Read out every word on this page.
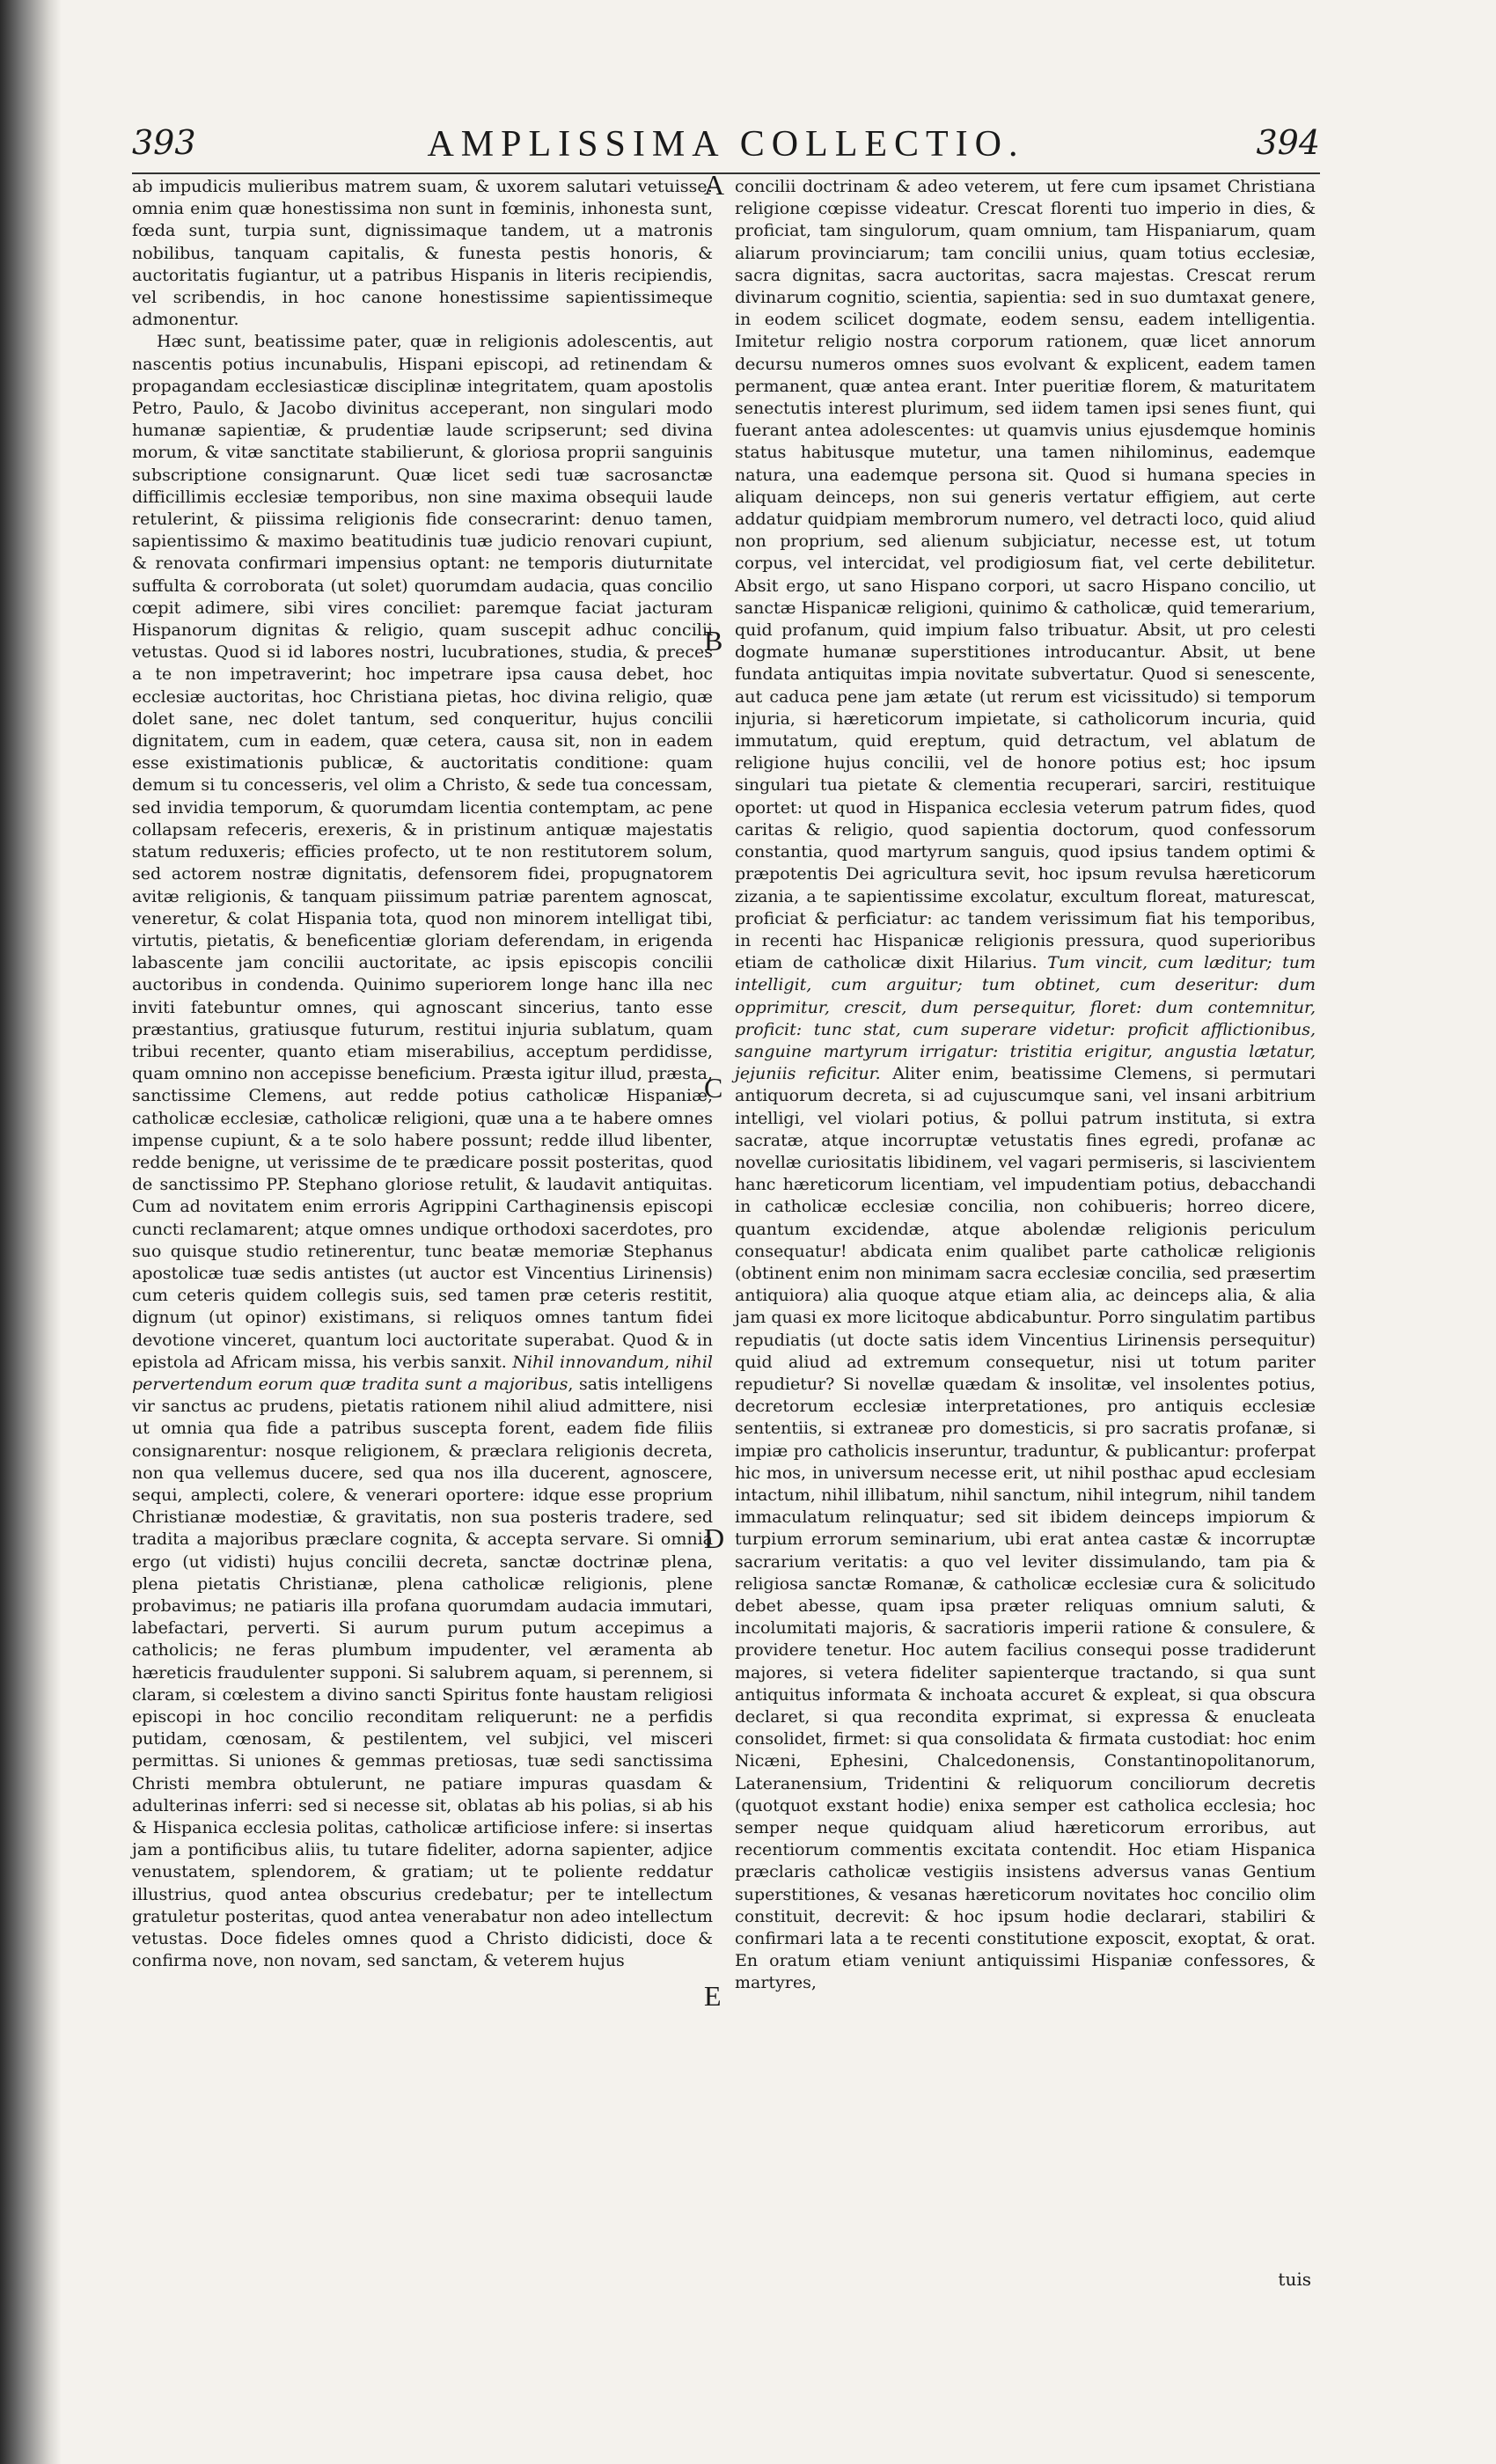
393	AMPLISSIMA COLLECTIO.	394

ab impudicis mulieribus matrem suam, & uxorem salutari vetuisse: omnia enim quæ honestissima non sunt in fœminis, inhonesta sunt, fœda sunt, turpia sunt, dignissimaque tandem, ut a matronis nobilibus, tanquam capitalis, & funesta pestis honoris, & auctoritatis fugiantur, ut a patribus Hispanis in literis recipiendis, vel scribendis, in hoc canone honestissime sapientissimeque admonentur.

Hæc sunt, beatissime pater, quæ in religionis adolescentis, aut nascentis potius incunabulis, Hispani episcopi, ad retinendam & propagandam ecclesiasticæ disciplinæ integritatem, quam apostolis Petro, Paulo, & Jacobo divinitus acceperant, non singulari modo humanæ sapientiæ, & prudentiæ laude scripserunt; sed divina morum, & vitæ sanctitate stabilierunt, & gloriosa proprii sanguinis subscriptione consignarunt. Quæ licet sedi tuæ sacrosanctæ difficillimis ecclesiæ temporibus, non sine maxima obsequii laude retulerint, & piissima religionis fide consecrarint: denuo tamen, sapientissimo & maximo beatitudinis tuæ judicio renovari cupiunt, & renovata confirmari impensius optant: ne temporis diuturnitate suffulta & corroborata (ut solet) quorumdam audacia, quas concilio cœpit adimere, sibi vires conciliet: paremque faciat jacturam Hispanorum dignitas & religio, quam suscepit adhuc concilii vetustas. Quod si id labores nostri, lucubrationes, studia, & preces a te non impetraverint; hoc impetrare ipsa causa debet, hoc ecclesiæ auctoritas, hoc Christiana pietas, hoc divina religio, quæ dolet sane, nec dolet tantum, sed conqueritur, hujus concilii dignitatem, cum in eadem, quæ cetera, causa sit, non in eadem esse existimationis publicæ, & auctoritatis conditione: quam demum si tu concesseris, vel olim a Christo, & sede tua concessam, sed invidia temporum, & quorumdam licentia contemptam, ac pene collapsam refeceris, erexeris, & in pristinum antiquæ majestatis statum reduxeris; efficies profecto, ut te non restitutorem solum, sed actorem nostræ dignitatis, defensorem fidei, propugnatorem avitæ religionis, & tanquam piissimum patriæ parentem agnoscat, veneretur, & colat Hispania tota, quod non minorem intelligat tibi, virtutis, pietatis, & beneficentiæ gloriam deferendam, in erigenda labascente jam concilii auctoritate, ac ipsis episcopis concilii auctoribus in condenda. Quinimo superiorem longe hanc illa nec inviti fatebuntur omnes, qui agnoscant sincerius, tanto esse præstantius, gratiusque futurum, restitui injuria sublatum, quam tribui recenter, quanto etiam miserabilius, acceptum perdidisse, quam omnino non accepisse beneficium. Præsta igitur illud, præsta, sanctissime Clemens, aut redde potius catholicæ Hispaniæ, catholicæ ecclesiæ, catholicæ religioni, quæ una a te habere omnes impense cupiunt, & a te solo habere possunt; redde illud libenter, redde benigne, ut verissime de te prædicare possit posteritas, quod de sanctissimo PP. Stephano gloriose retulit, & laudavit antiquitas. Cum ad novitatem enim erroris Agrippini Carthaginensis episcopi cuncti reclamarent; atque omnes undique orthodoxi sacerdotes, pro suo quisque studio retinerentur, tunc beatæ memoriæ Stephanus apostolicæ tuæ sedis antistes (ut auctor est Vincentius Lirinensis) cum ceteris quidem collegis suis, sed tamen præ ceteris restitit, dignum (ut opinor) existimans, si reliquos omnes tantum fidei devotione vinceret, quantum loci auctoritate superabat. Quod & in epistola ad Africam missa, his verbis sanxit. Nihil innovandum, nihil pervertendum eorum quæ tradita sunt a majoribus, satis intelligens vir sanctus ac prudens, pietatis rationem nihil aliud admittere, nisi ut omnia qua fide a patribus suscepta forent, eadem fide filiis consignarentur: nosque religionem, & præclara religionis decreta, non qua vellemus ducere, sed qua nos illa ducerent, agnoscere, sequi, amplecti, colere, & venerari oportere: idque esse proprium Christianæ modestiæ, & gravitatis, non sua posteris tradere, sed tradita a majoribus præclare cognita, & accepta servare. Si omnia ergo (ut vidisti) hujus concilii decreta, sanctæ doctrinæ plena, plena pietatis Christianæ, plena catholicæ religionis, plene probavimus; ne patiaris illa profana quorumdam audacia immutari, labefactari, perverti. Si aurum purum putum accepimus a catholicis; ne feras plumbum impudenter, vel æramenta ab hæreticis fraudulenter supponi. Si salubrem aquam, si perennem, si claram, si cœlestem a divino sancti Spiritus fonte haustam religiosi episcopi in hoc concilio reconditam reliquerunt: ne a perfidis putidam, cœnosam, & pestilentem, vel subjici, vel misceri permittas. Si uniones & gemmas pretiosas, tuæ sedi sanctissima Christi membra obtulerunt, ne patiare impuras quasdam & adulterinas inferri: sed si necesse sit, oblatas ab his polias, si ab his & Hispanica ecclesia politas, catholicæ artificiose infere: si insertas jam a pontificibus aliis, tu tutare fideliter, adorna sapienter, adjice venustatem, splendorem, & gratiam; ut te poliente reddatur illustrius, quod antea obscurius credebatur; per te intellectum gratuletur posteritas, quod antea venerabatur non adeo intellectum vetustas. Doce fideles omnes quod a Christo didicisti, doce & confirma nove, non novam, sed sanctam, & veterem hujus

A
B
C
D
E

concilii doctrinam & adeo veterem, ut fere cum ipsamet Christiana religione cœpisse videatur. Crescat florenti tuo imperio in dies, & proficiat, tam singulorum, quam omnium, tam Hispaniarum, quam aliarum provinciarum; tam concilii unius, quam totius ecclesiæ, sacra dignitas, sacra auctoritas, sacra majestas. Crescat rerum divinarum cognitio, scientia, sapientia: sed in suo dumtaxat genere, in eodem scilicet dogmate, eodem sensu, eadem intelligentia. Imitetur religio nostra corporum rationem, quæ licet annorum decursu numeros omnes suos evolvant & explicent, eadem tamen permanent, quæ antea erant. Inter pueritiæ florem, & maturitatem senectutis interest plurimum, sed iidem tamen ipsi senes fiunt, qui fuerant antea adolescentes: ut quamvis unius ejusdemque hominis status habitusque mutetur, una tamen nihilominus, eademque natura, una eademque persona sit. Quod si humana species in aliquam deinceps, non sui generis vertatur effigiem, aut certe addatur quidpiam membrorum numero, vel detracti loco, quid aliud non proprium, sed alienum subjiciatur, necesse est, ut totum corpus, vel intercidat, vel prodigiosum fiat, vel certe debilitetur. Absit ergo, ut sano Hispano corpori, ut sacro Hispano concilio, ut sanctæ Hispanicæ religioni, quinimo & catholicæ, quid temerarium, quid profanum, quid impium falso tribuatur. Absit, ut pro celesti dogmate humanæ superstitiones introducantur. Absit, ut bene fundata antiquitas impia novitate subvertatur. Quod si senescente, aut caduca pene jam ætate (ut rerum est vicissitudo) si temporum injuria, si hæreticorum impietate, si catholicorum incuria, quid immutatum, quid ereptum, quid detractum, vel ablatum de religione hujus concilii, vel de honore potius est; hoc ipsum singulari tua pietate & clementia recuperari, sarciri, restituique oportet: ut quod in Hispanica ecclesia veterum patrum fides, quod caritas & religio, quod sapientia doctorum, quod confessorum constantia, quod martyrum sanguis, quod ipsius tandem optimi & præpotentis Dei agricultura sevit, hoc ipsum revulsa hæreticorum zizania, a te sapientissime excolatur, excultum floreat, maturescat, proficiat & perficiatur: ac tandem verissimum fiat his temporibus, in recenti hac Hispanicæ religionis pressura, quod superioribus etiam de catholicæ dixit Hilarius. Tum vincit, cum læditur; tum intelligit, cum arguitur; tum obtinet, cum deseritur: dum opprimitur, crescit, dum persequitur, floret: dum contemnitur, proficit: tunc stat, cum superare videtur: proficit afflictionibus, sanguine martyrum irrigatur: tristitia erigitur, angustia lætatur, jejuniis reficitur. Aliter enim, beatissime Clemens, si permutari antiquorum decreta, si ad cujuscumque sani, vel insani arbitrium intelligi, vel violari potius, & pollui patrum instituta, si extra sacratæ, atque incorruptæ vetustatis fines egredi, profanæ ac novellæ curiositatis libidinem, vel vagari permiseris, si lascivientem hanc hæreticorum licentiam, vel impudentiam potius, debacchandi in catholicæ ecclesiæ concilia, non cohibueris; horreo dicere, quantum excidendæ, atque abolendæ religionis periculum consequatur! abdicata enim qualibet parte catholicæ religionis (obtinent enim non minimam sacra ecclesiæ concilia, sed præsertim antiquiora) alia quoque atque etiam alia, ac deinceps alia, & alia jam quasi ex more licitoque abdicabuntur. Porro singulatim partibus repudiatis (ut docte satis idem Vincentius Lirinensis persequitur) quid aliud ad extremum consequetur, nisi ut totum pariter repudietur? Si novellæ quædam & insolitæ, vel insolentes potius, decretorum ecclesiæ interpretationes, pro antiquis ecclesiæ sententiis, si extraneæ pro domesticis, si pro sacratis profanæ, si impiæ pro catholicis inseruntur, traduntur, & publicantur: proferpat hic mos, in universum necesse erit, ut nihil posthac apud ecclesiam intactum, nihil illibatum, nihil sanctum, nihil integrum, nihil tandem immaculatum relinquatur; sed sit ibidem deinceps impiorum & turpium errorum seminarium, ubi erat antea castæ & incorruptæ sacrarium veritatis: a quo vel leviter dissimulando, tam pia & religiosa sanctæ Romanæ, & catholicæ ecclesiæ cura & solicitudo debet abesse, quam ipsa præter reliquas omnium saluti, & incolumitati majoris, & sacratioris imperii ratione & consulere, & providere tenetur. Hoc autem facilius consequi posse tradiderunt majores, si vetera fideliter sapienterque tractando, si qua sunt antiquitus informata & inchoata accuret & expleat, si qua obscura declaret, si qua recondita exprimat, si expressa & enucleata consolidet, firmet: si qua consolidata & firmata custodiat: hoc enim Nicæni, Ephesini, Chalcedonensis, Constantinopolitanorum, Lateranensium, Tridentini & reliquorum conciliorum decretis (quotquot exstant hodie) enixa semper est catholica ecclesia; hoc semper neque quidquam aliud hæreticorum erroribus, aut recentiorum commentis excitata contendit. Hoc etiam Hispanica præclaris catholicæ vestigiis insistens adversus vanas Gentium superstitiones, & vesanas hæreticorum novitates hoc concilio olim constituit, decrevit: & hoc ipsum hodie declarari, stabiliri & confirmari lata a te recenti constitutione exposcit, exoptat, & orat. En oratum etiam veniunt antiquissimi Hispaniæ confessores, & martyres,

tuis
